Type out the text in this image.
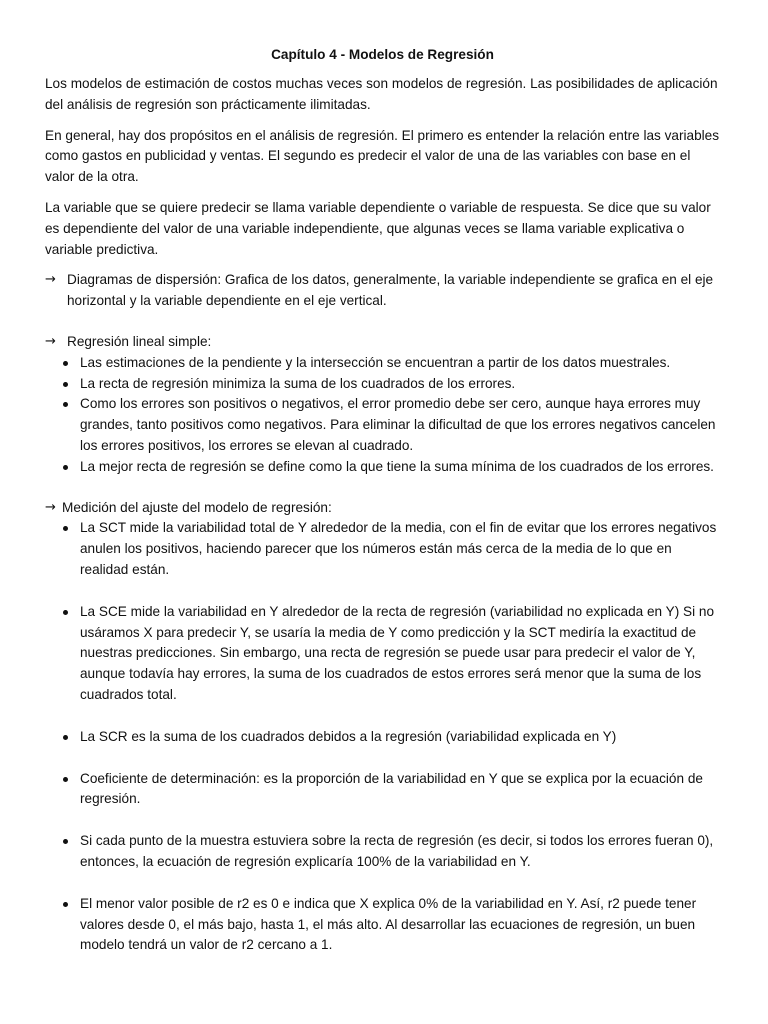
Capítulo 4 - Modelos de Regresión

Los modelos de estimación de costos muchas veces son modelos de regresión. Las posibilidades de aplicación del análisis de regresión son prácticamente ilimitadas.

En general, hay dos propósitos en el análisis de regresión. El primero es entender la relación entre las variables como gastos en publicidad y ventas. El segundo es predecir el valor de una de las variables con base en el valor de la otra.

La variable que se quiere predecir se llama variable dependiente o variable de respuesta. Se dice que su valor es dependiente del valor de una variable independiente, que algunas veces se llama variable explicativa o variable predictiva.

→ Diagramas de dispersión: Grafica de los datos, generalmente, la variable independiente se grafica en el eje horizontal y la variable dependiente en el eje vertical.
→ Regresión lineal simple:
Las estimaciones de la pendiente y la intersección se encuentran a partir de los datos muestrales.
La recta de regresión minimiza la suma de los cuadrados de los errores.
Como los errores son positivos o negativos, el error promedio debe ser cero, aunque haya errores muy grandes, tanto positivos como negativos. Para eliminar la dificultad de que los errores negativos cancelen los errores positivos, los errores se elevan al cuadrado.
La mejor recta de regresión se define como la que tiene la suma mínima de los cuadrados de los errores.
→ Medición del ajuste del modelo de regresión:
La SCT mide la variabilidad total de Y alrededor de la media, con el fin de evitar que los errores negativos anulen los positivos, haciendo parecer que los números están más cerca de la media de lo que en realidad están.
La SCE mide la variabilidad en Y alrededor de la recta de regresión (variabilidad no explicada en Y) Si no usáramos X para predecir Y, se usaría la media de Y como predicción y la SCT mediría la exactitud de nuestras predicciones. Sin embargo, una recta de regresión se puede usar para predecir el valor de Y, aunque todavía hay errores, la suma de los cuadrados de estos errores será menor que la suma de los cuadrados total.
La SCR es la suma de los cuadrados debidos a la regresión (variabilidad explicada en Y)
Coeficiente de determinación: es la proporción de la variabilidad en Y que se explica por la ecuación de regresión.
Si cada punto de la muestra estuviera sobre la recta de regresión (es decir, si todos los errores fueran 0), entonces, la ecuación de regresión explicaría 100% de la variabilidad en Y.
El menor valor posible de r2 es 0 e indica que X explica 0% de la variabilidad en Y. Así, r2 puede tener valores desde 0, el más bajo, hasta 1, el más alto. Al desarrollar las ecuaciones de regresión, un buen modelo tendrá un valor de r2 cercano a 1.
